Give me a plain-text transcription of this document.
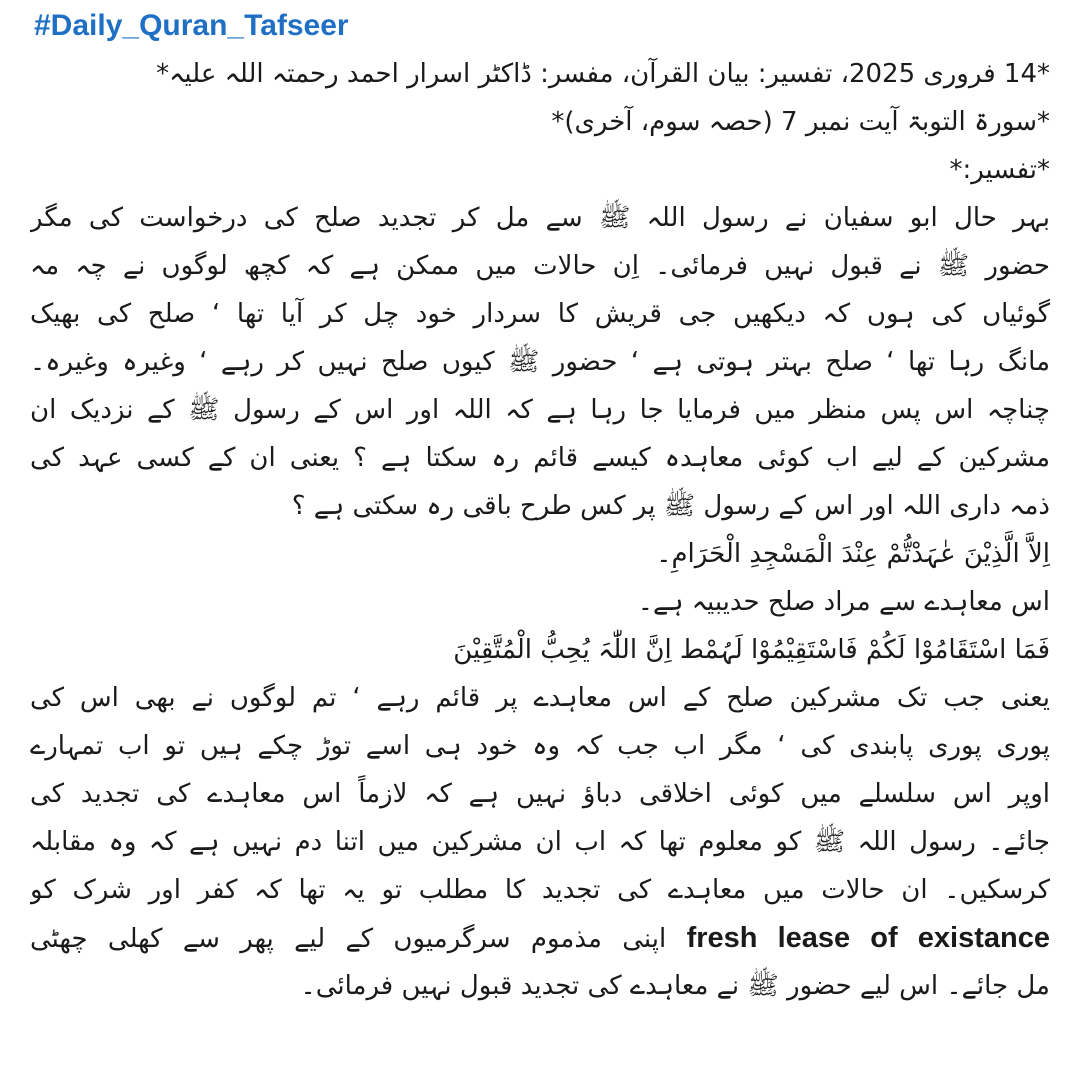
#Daily_Quran_Tafseer
*14 فروری 2025، تفسیر: بیان القرآن، مفسر: ڈاکٹر اسرار احمد رحمتہ اللہ علیہ*
*سورۃ التوبۃ آیت نمبر 7 (حصہ سوم، آخری)*
*تفسیر:*
بہر حال ابو سفیان نے رسول اللہ ﷺ سے مل کر تجدید صلح کی درخواست کی مگر
حضور ﷺ نے قبول نہیں فرمائی۔ اِن حالات میں ممکن ہے کہ کچھ لوگوں نے چہ مہ
گوئیاں کی ہوں کہ دیکھیں جی قریش کا سردار خود چل کر آیا تھا ‘ صلح کی بھیک
مانگ رہا تھا ‘ صلح بہتر ہوتی ہے ‘ حضور ﷺ کیوں صلح نہیں کر رہے ‘ وغیرہ وغیرہ۔
چناچہ اس پس منظر میں فرمایا جا رہا ہے کہ اللہ اور اس کے رسول ﷺ کے نزدیک ان
مشرکین کے لیے اب کوئی معاہدہ کیسے قائم رہ سکتا ہے ؟ یعنی ان کے کسی عہد کی
ذمہ داری اللہ اور اس کے رسول ﷺ پر کس طرح باقی رہ سکتی ہے ؟
اِلاَّ الَّذِیْنَ عٰہَدْتُّمْ عِنْدَ الْمَسْجِدِ الْحَرَامِ۔
اس معاہدے سے مراد صلح حدیبیہ ہے۔
فَمَا اسْتَقَامُوْا لَکُمْ فَاسْتَقِیْمُوْا لَہُمْط اِنَّ اللّٰہَ یُحِبُّ الْمُتَّقِیْنَ
یعنی جب تک مشرکین صلح کے اس معاہدے پر قائم رہے ‘ تم لوگوں نے بھی اس کی
پوری پوری پابندی کی ‘ مگر اب جب کہ وہ خود ہی اسے توڑ چکے ہیں تو اب تمہارے
اوپر اس سلسلے میں کوئی اخلاقی دباؤ نہیں ہے کہ لازماً اس معاہدے کی تجدید کی
جائے۔ رسول اللہ ﷺ کو معلوم تھا کہ اب ان مشرکین میں اتنا دم نہیں ہے کہ وہ مقابلہ
کرسکیں۔ ان حالات میں معاہدے کی تجدید کا مطلب تو یہ تھا کہ کفر اور شرک کو
اپنی مذموم سرگرمیوں کے لیے پھر سے کھلی چھٹی fresh lease of existance
مل جائے۔ اس لیے حضور ﷺ نے معاہدے کی تجدید قبول نہیں فرمائی۔
